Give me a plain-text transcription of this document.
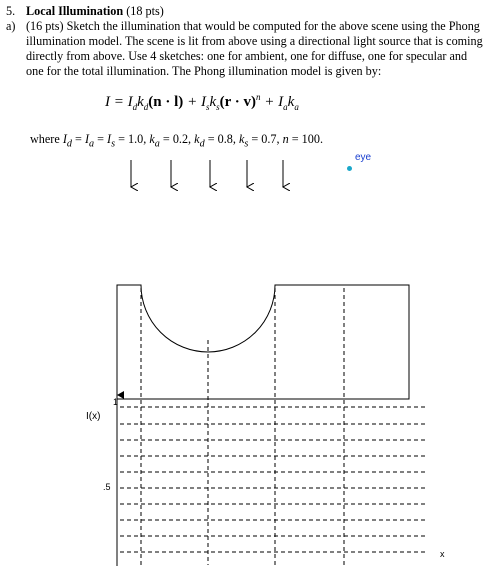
5. Local Illumination (18 pts)
a) (16 pts) Sketch the illumination that would be computed for the above scene using the Phong illumination model. The scene is lit from above using a directional light source that is coming directly from above. Use 4 sketches: one for ambient, one for diffuse, one for specular and one for the total illumination. The Phong illumination model is given by:
$I = I_dk_d(n \cdot l) + I_sk_s(r \cdot v)^n + I_ak_a$
where $I_d = I_a = I_s = 1.0$, $k_a = 0.2$, $k_d = 0.8$, $k_s = 0.7$, n = 100.
eye
1
I(x)
.5
x
